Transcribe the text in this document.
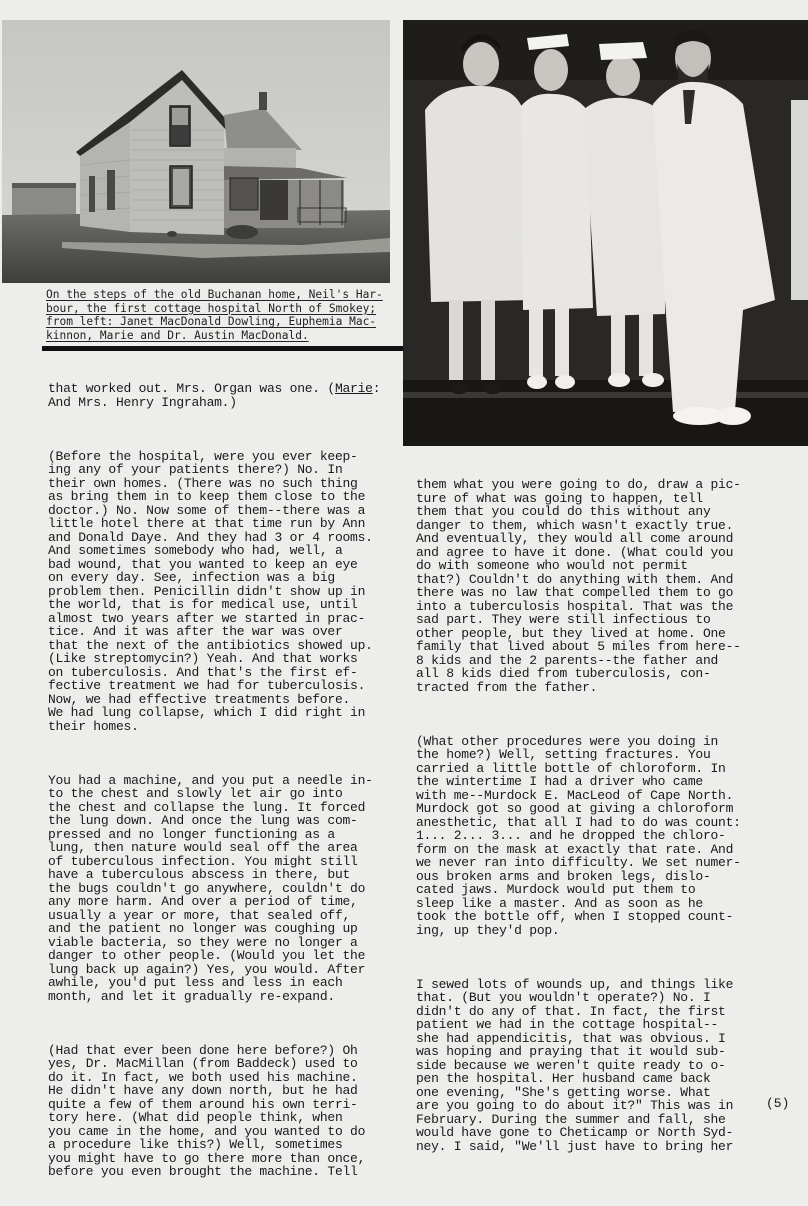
On the steps of the old Buchanan home, Neil's Har-
bour, the first cottage hospital North of Smokey;
from left: Janet MacDonald Dowling, Euphemia Mac-
kinnon, Marie and Dr. Austin MacDonald.

that worked out. Mrs. Organ was one. (Marie:
And Mrs. Henry Ingraham.)

(Before the hospital, were you ever keep-
ing any of your patients there?) No. In
their own homes. (There was no such thing
as bring them in to keep them close to the
doctor.) No. Now some of them--there was a
little hotel there at that time run by Ann
and Donald Daye. And they had 3 or 4 rooms.
And sometimes somebody who had, well, a
bad wound, that you wanted to keep an eye
on every day. See, infection was a big
problem then. Penicillin didn't show up in
the world, that is for medical use, until
almost two years after we started in prac-
tice. And it was after the war was over
that the next of the antibiotics showed up.
(Like streptomycin?) Yeah. And that works
on tuberculosis. And that's the first ef-
fective treatment we had for tuberculosis.
Now, we had effective treatments before.
We had lung collapse, which I did right in
their homes.

You had a machine, and you put a needle in-
to the chest and slowly let air go into
the chest and collapse the lung. It forced
the lung down. And once the lung was com-
pressed and no longer functioning as a
lung, then nature would seal off the area
of tuberculous infection. You might still
have a tuberculous abscess in there, but
the bugs couldn't go anywhere, couldn't do
any more harm. And over a period of time,
usually a year or more, that sealed off,
and the patient no longer was coughing up
viable bacteria, so they were no longer a
danger to other people. (Would you let the
lung back up again?) Yes, you would. After
awhile, you'd put less and less in each
month, and let it gradually re-expand.

(Had that ever been done here before?) Oh
yes, Dr. MacMillan (from Baddeck) used to
do it. In fact, we both used his machine.
He didn't have any down north, but he had
quite a few of them around his own terri-
tory here. (What did people think, when
you came in the home, and you wanted to do
a procedure like this?) Well, sometimes
you might have to go there more than once,
before you even brought the machine. Tell

them what you were going to do, draw a pic-
ture of what was going to happen, tell
them that you could do this without any
danger to them, which wasn't exactly true.
And eventually, they would all come around
and agree to have it done. (What could you
do with someone who would not permit
that?) Couldn't do anything with them. And
there was no law that compelled them to go
into a tuberculosis hospital. That was the
sad part. They were still infectious to
other people, but they lived at home. One
family that lived about 5 miles from here--
8 kids and the 2 parents--the father and
all 8 kids died from tuberculosis, con-
tracted from the father.

(What other procedures were you doing in
the home?) Well, setting fractures. You
carried a little bottle of chloroform. In
the wintertime I had a driver who came
with me--Murdock E. MacLeod of Cape North.
Murdock got so good at giving a chloroform
anesthetic, that all I had to do was count:
1... 2... 3... and he dropped the chloro-
form on the mask at exactly that rate. And
we never ran into difficulty. We set numer-
ous broken arms and broken legs, dislo-
cated jaws. Murdock would put them to
sleep like a master. And as soon as he
took the bottle off, when I stopped count-
ing, up they'd pop.

I sewed lots of wounds up, and things like
that. (But you wouldn't operate?) No. I
didn't do any of that. In fact, the first
patient we had in the cottage hospital--
she had appendicitis, that was obvious. I
was hoping and praying that it would sub-
side because we weren't quite ready to o-
pen the hospital. Her husband came back
one evening, "She's getting worse. What
are you going to do about it?" This was in
February. During the summer and fall, she
would have gone to Cheticamp or North Syd-
ney. I said, "We'll just have to bring her

(5)
